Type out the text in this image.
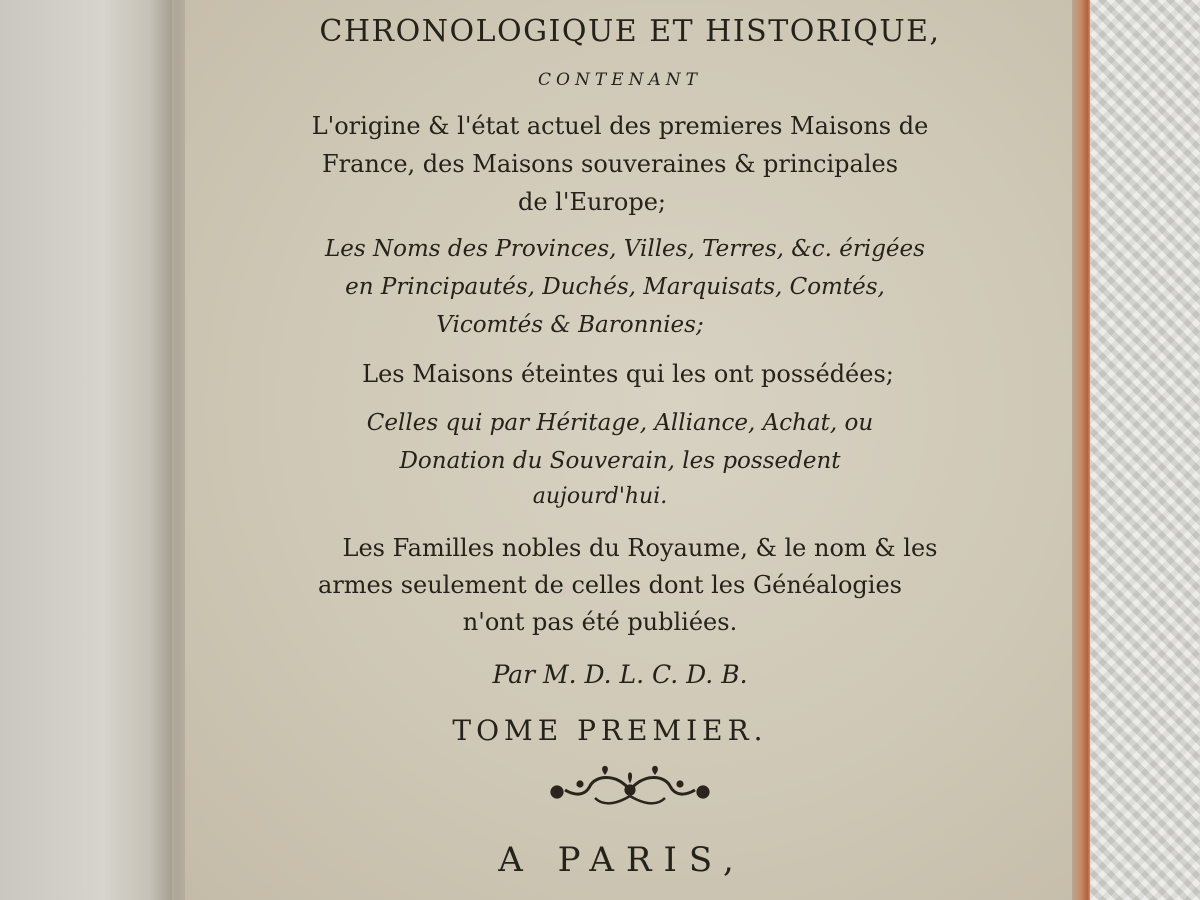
CHRONOLOGIQUE ET HISTORIQUE,
CONTENANT
L'origine & l'état actuel des premieres Maisons de
France, des Maisons souveraines & principales
de l'Europe;
Les Noms des Provinces, Villes, Terres, &c. érigées
en Principautés, Duchés, Marquisats, Comtés,
Vicomtés & Baronnies;
Les Maisons éteintes qui les ont possédées;
Celles qui par Héritage, Alliance, Achat, ou
Donation du Souverain, les possedent
aujourd'hui.
Les Familles nobles du Royaume, & le nom & les
armes seulement de celles dont les Généalogies
n'ont pas été publiées.
Par M. D. L. C. D. B.
TOME PREMIER.
A PARIS,
